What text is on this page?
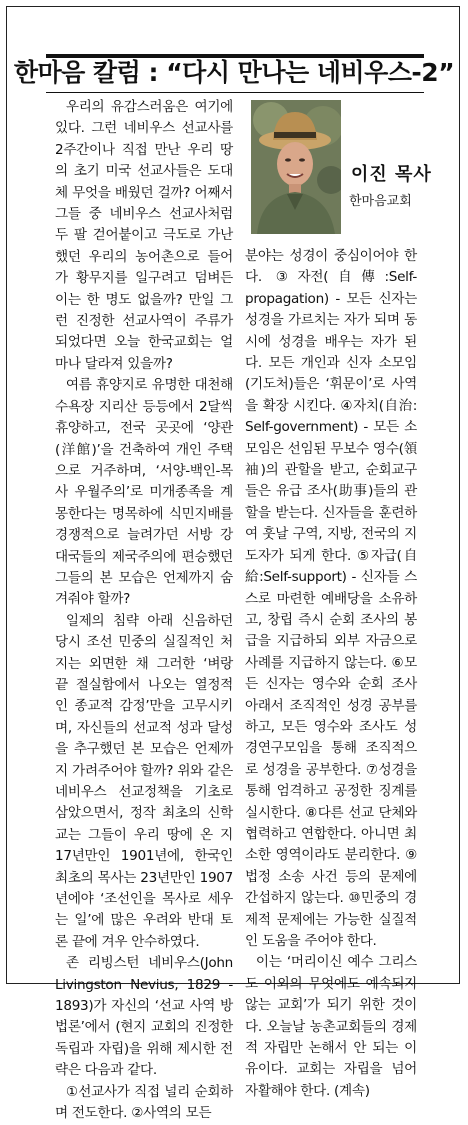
한마음 칼럼 : “다시 만나는 네비우스-2”

우리의 유감스러움은 여기에 있다. 그런 네비우스 선교사를 2주간이나 직접 만난 우리 땅의 초기 미국 선교사들은 도대체 무엇을 배웠던 걸까? 어째서 그들 중 네비우스 선교사처럼 두 팔 걷어붙이고 극도로 가난했던 우리의 농어촌으로 들어가 황무지를 일구려고 덤벼든 이는 한 명도 없을까? 만일 그런 진정한 선교사역이 주류가 되었다면 오늘 한국교회는 얼마나 달라져 있을까?

여름 휴양지로 유명한 대천해수욕장 지리산 등등에서 2달씩 휴양하고, 전국 곳곳에 ‘양관(洋館)’을 건축하여 개인 주택으로 거주하며, ‘서양-백인-목사 우월주의’로 미개종족을 계몽한다는 명목하에 식민지배를 경쟁적으로 늘려가던 서방 강대국들의 제국주의에 편승했던 그들의 본 모습은 언제까지 숨겨줘야 할까?

일제의 침략 아래 신음하던 당시 조선 민중의 실질적인 처지는 외면한 채 그러한 ‘벼랑 끝 절실함에서 나오는 열정적인 종교적 감정’만을 고무시키며, 자신들의 선교적 성과 달성을 추구했던 본 모습은 언제까지 가려주어야 할까? 위와 같은 네비우스 선교정책을 기초로 삼았으면서, 정작 최초의 신학교는 그들이 우리 땅에 온 지 17년만인 1901년에, 한국인 최초의 목사는 23년만인 1907년에야 ‘조선인을 목사로 세우는 일’에 많은 우려와 반대 토론 끝에 겨우 안수하였다.

존 리빙스턴 네비우스(John Livingston Nevius, 1829 - 1893)가 자신의 ‘선교 사역 방법론’에서 (현지 교회의 진정한 독립과 자립)을 위해 제시한 전략은 다음과 같다.

①선교사가 직접 널리 순회하며 전도한다. ②사역의 모든

이진 목사
한마음교회

분야는 성경이 중심이어야 한다. ③자전(自傳:Self-propagation) - 모든 신자는 성경을 가르치는 자가 되며 동시에 성경을 배우는 자가 된다. 모든 개인과 신자 소모임(기도처)들은 ‘휘문이’로 사역을 확장 시킨다. ④자치(自治: Self-government) - 모든 소모임은 선임된 무보수 영수(領袖)의 관할을 받고, 순회교구들은 유급 조사(助事)들의 관할을 받는다. 신자들을 훈련하여 훗날 구역, 지방, 전국의 지도자가 되게 한다. ⑤자급(自給:Self-support) - 신자들 스스로 마련한 예배당을 소유하고, 창립 즉시 순회 조사의 봉급을 지급하되 외부 자금으로 사례를 지급하지 않는다. ⑥모든 신자는 영수와 순회 조사 아래서 조직적인 성경 공부를 하고, 모든 영수와 조사도 성경연구모임을 통해 조직적으로 성경을 공부한다. ⑦성경을 통해 엄격하고 공정한 징계를 실시한다. ⑧다른 선교 단체와 협력하고 연합한다. 아니면 최소한 영역이라도 분리한다. ⑨법정 소송 사건 등의 문제에 간섭하지 않는다. ⑩민중의 경제적 문제에는 가능한 실질적인 도움을 주어야 한다.

이는 ‘머리이신 예수 그리스도 이외의 무엇에도 예속되지 않는 교회’가 되기 위한 것이다. 오늘날 농촌교회들의 경제적 자립만 논해서 안 되는 이유이다. 교회는 자립을 넘어 자활해야 한다. (계속)
